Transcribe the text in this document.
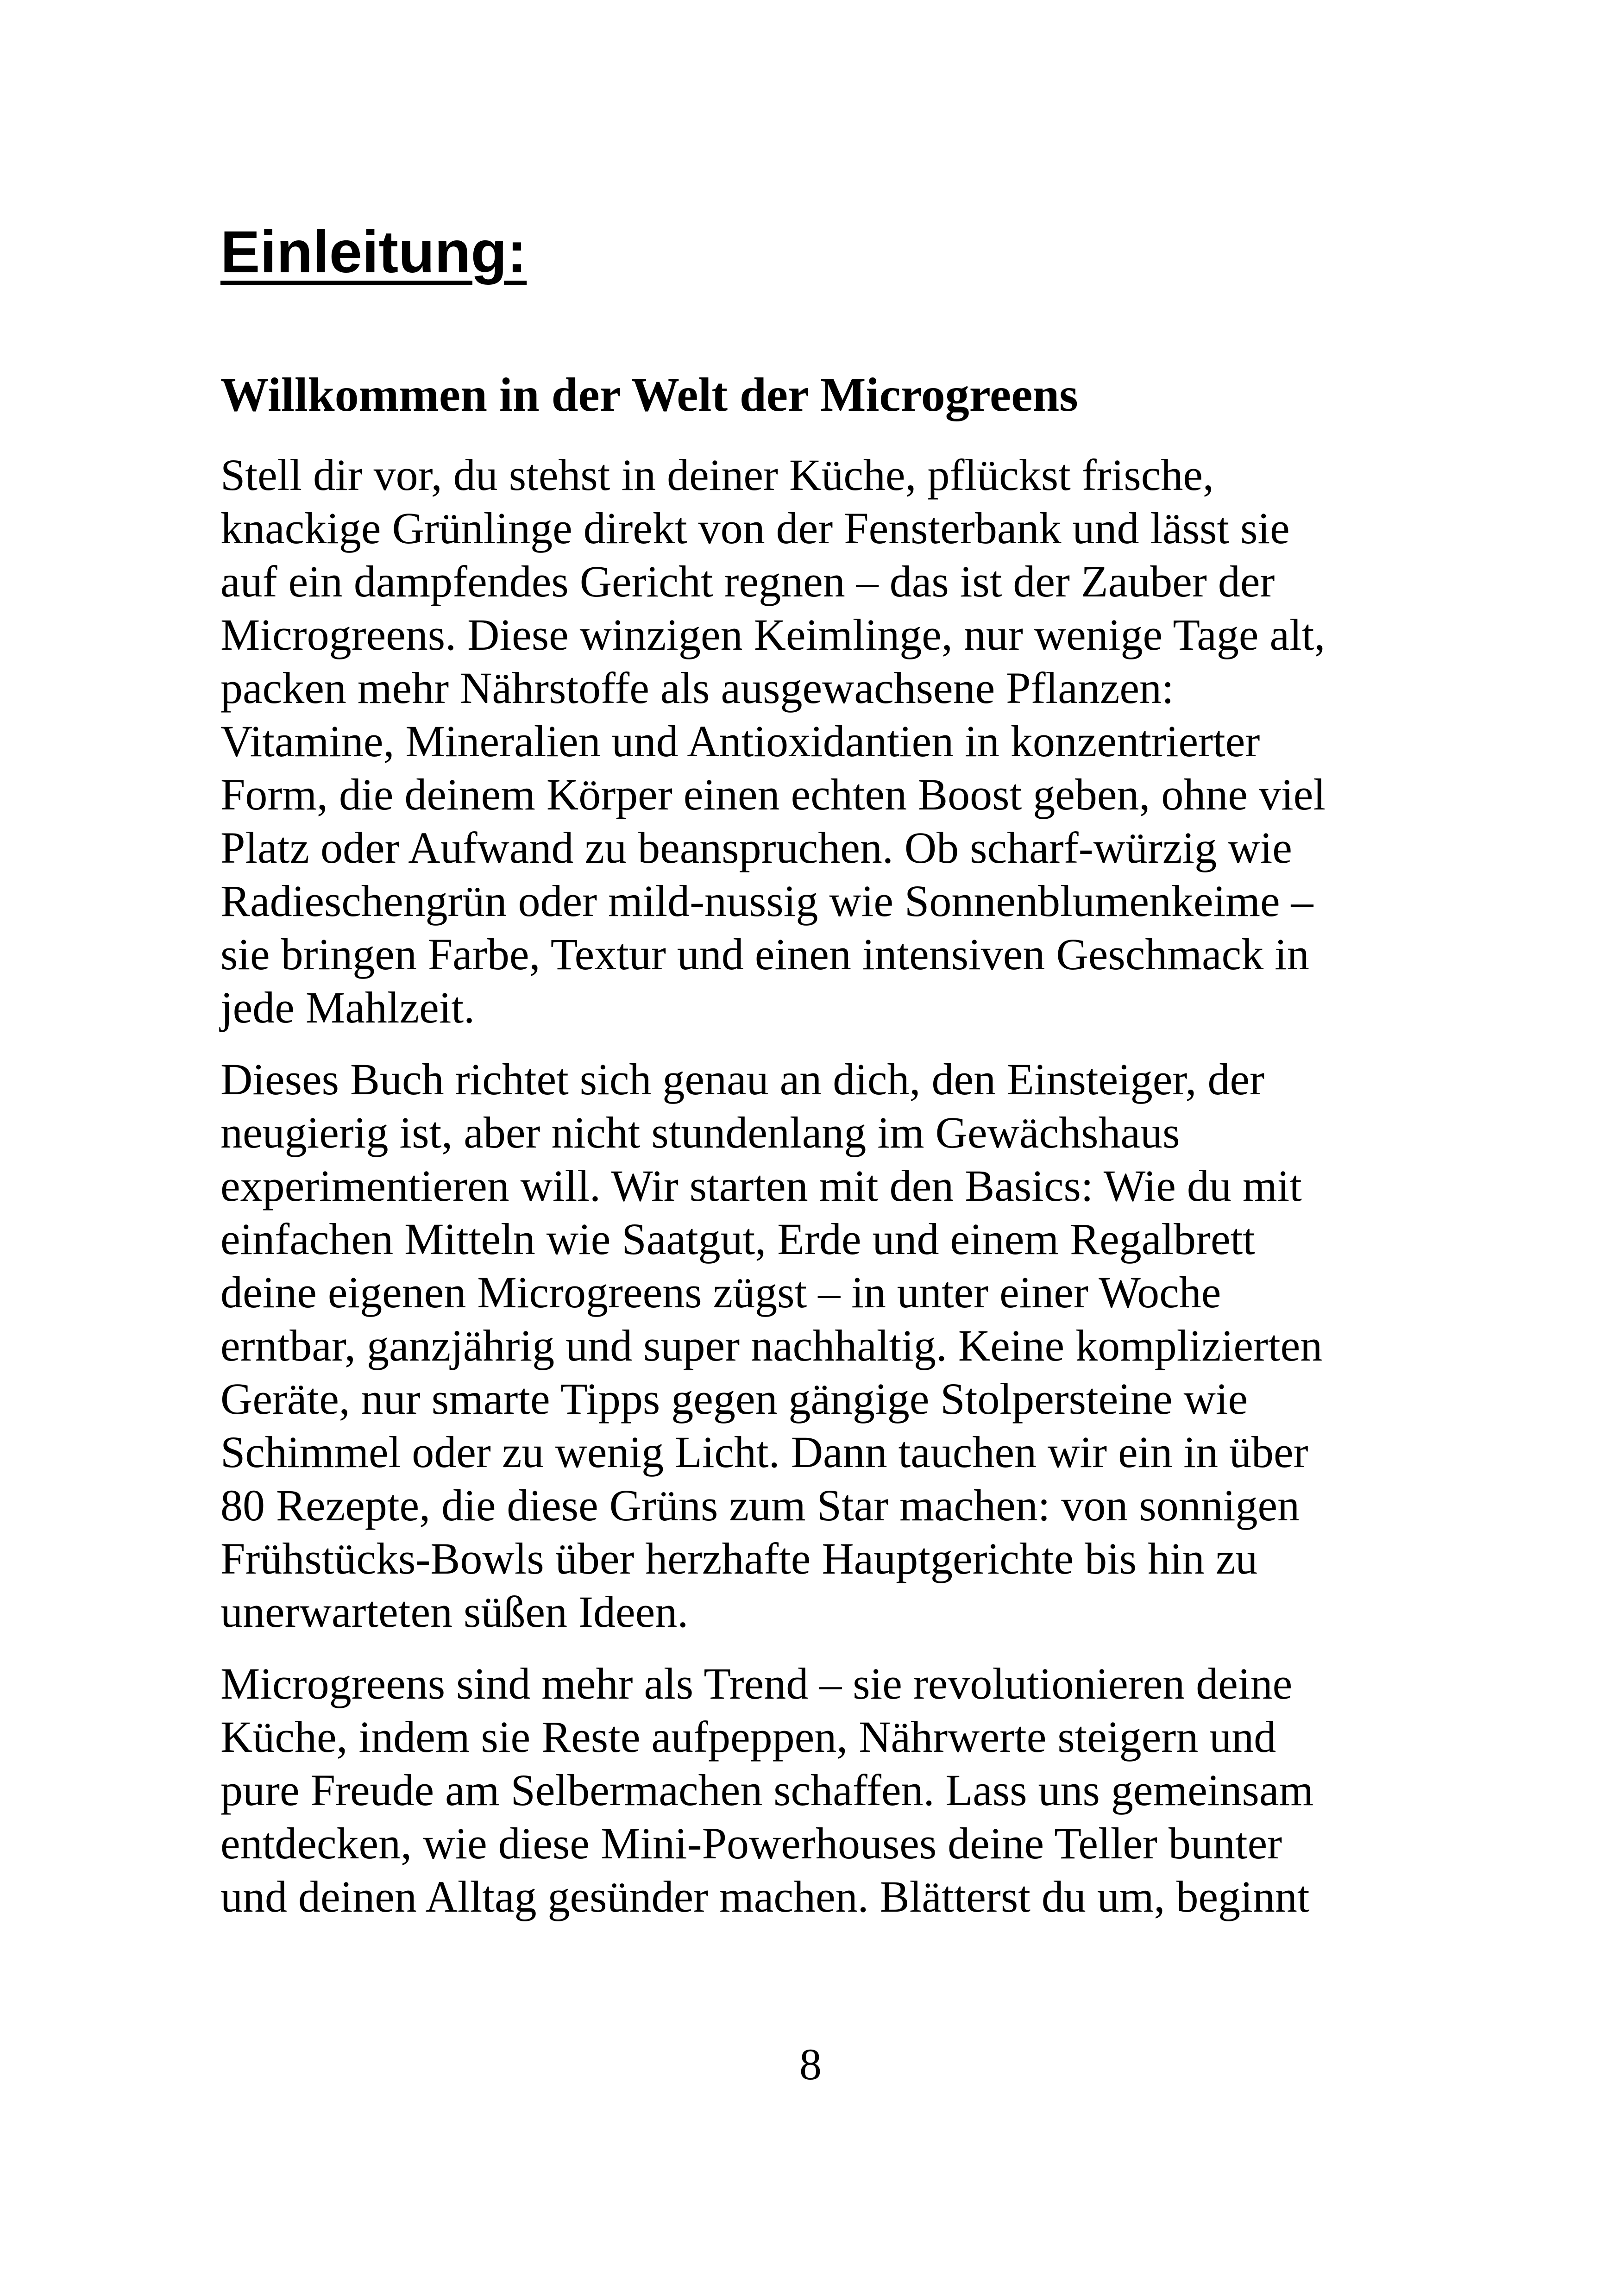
Einleitung:
Willkommen in der Welt der Microgreens

Stell dir vor, du stehst in deiner Küche, pflückst frische,
knackige Grünlinge direkt von der Fensterbank und lässt sie
auf ein dampfendes Gericht regnen – das ist der Zauber der
Microgreens. Diese winzigen Keimlinge, nur wenige Tage alt,
packen mehr Nährstoffe als ausgewachsene Pflanzen:
Vitamine, Mineralien und Antioxidantien in konzentrierter
Form, die deinem Körper einen echten Boost geben, ohne viel
Platz oder Aufwand zu beanspruchen. Ob scharf-würzig wie
Radieschengrün oder mild-nussig wie Sonnenblumenkeime –
sie bringen Farbe, Textur und einen intensiven Geschmack in
jede Mahlzeit.

Dieses Buch richtet sich genau an dich, den Einsteiger, der
neugierig ist, aber nicht stundenlang im Gewächshaus
experimentieren will. Wir starten mit den Basics: Wie du mit
einfachen Mitteln wie Saatgut, Erde und einem Regalbrett
deine eigenen Microgreens zügst – in unter einer Woche
erntbar, ganzjährig und super nachhaltig. Keine komplizierten
Geräte, nur smarte Tipps gegen gängige Stolpersteine wie
Schimmel oder zu wenig Licht. Dann tauchen wir ein in über
80 Rezepte, die diese Grüns zum Star machen: von sonnigen
Frühstücks-Bowls über herzhafte Hauptgerichte bis hin zu
unerwarteten süßen Ideen.

Microgreens sind mehr als Trend – sie revolutionieren deine
Küche, indem sie Reste aufpeppen, Nährwerte steigern und
pure Freude am Selbermachen schaffen. Lass uns gemeinsam
entdecken, wie diese Mini-Powerhouses deine Teller bunter
und deinen Alltag gesünder machen. Blätterst du um, beginnt

8
